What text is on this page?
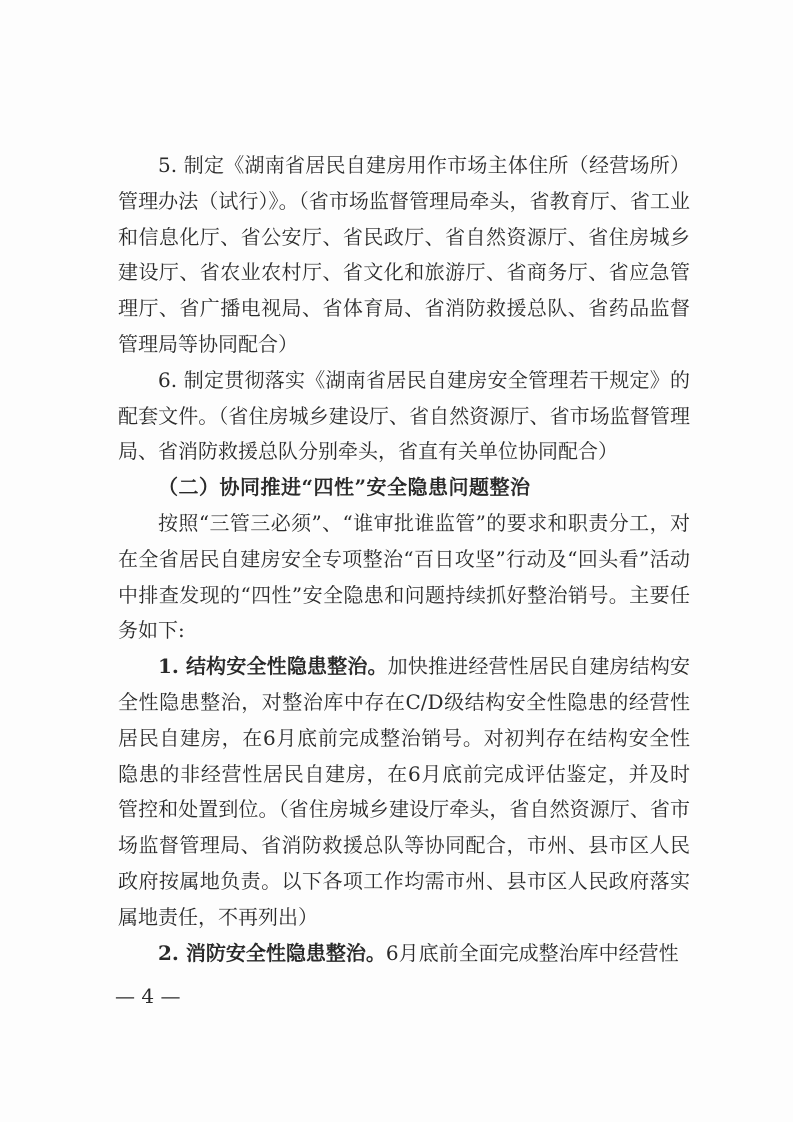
5. 制定《湖南省居民自建房用作市场主体住所（经营场所）管理办法（试行）》。（省市场监督管理局牵头，省教育厅、省工业和信息化厅、省公安厅、省民政厅、省自然资源厅、省住房城乡建设厅、省农业农村厅、省文化和旅游厅、省商务厅、省应急管理厅、省广播电视局、省体育局、省消防救援总队、省药品监督管理局等协同配合）

6. 制定贯彻落实《湖南省居民自建房安全管理若干规定》的配套文件。（省住房城乡建设厅、省自然资源厅、省市场监督管理局、省消防救援总队分别牵头，省直有关单位协同配合）

（二）协同推进“四性”安全隐患问题整治

按照“三管三必须”、“谁审批谁监管”的要求和职责分工，对在全省居民自建房安全专项整治“百日攻坚”行动及“回头看”活动中排查发现的“四性”安全隐患和问题持续抓好整治销号。主要任务如下:

1. 结构安全性隐患整治。加快推进经营性居民自建房结构安全性隐患整治，对整治库中存在C/D级结构安全性隐患的经营性居民自建房，在6月底前完成整治销号。对初判存在结构安全性隐患的非经营性居民自建房，在6月底前完成评估鉴定，并及时管控和处置到位。（省住房城乡建设厅牵头，省自然资源厅、省市场监督管理局、省消防救援总队等协同配合，市州、县市区人民政府按属地负责。以下各项工作均需市州、县市区人民政府落实属地责任，不再列出）

2. 消防安全性隐患整治。6月底前全面完成整治库中经营性

— 4 —
